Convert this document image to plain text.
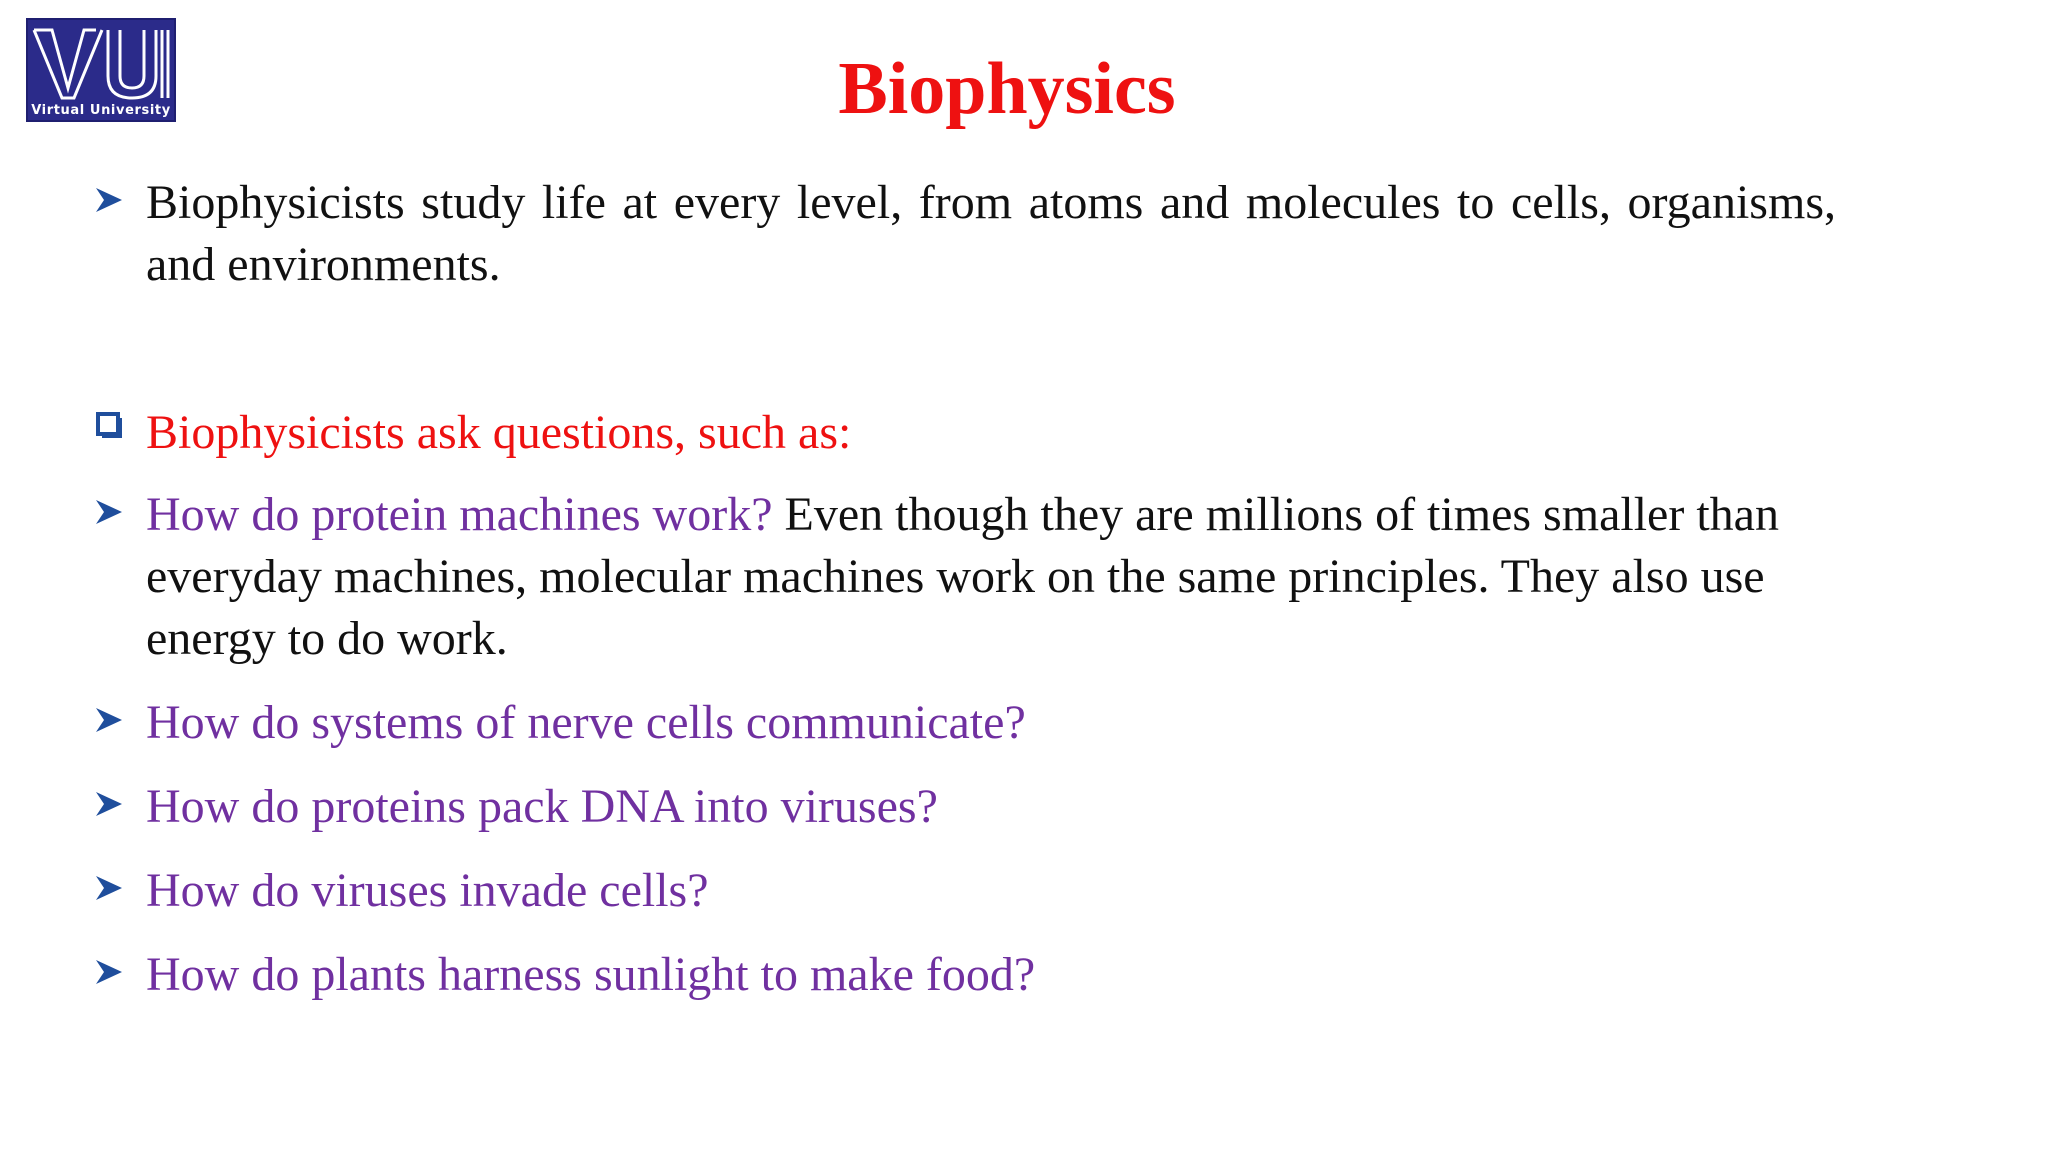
Virtual University	Biophysics
Biophysicists study life at every level, from atoms and molecules to cells, organisms, and environments.
Biophysicists ask questions, such as:
How do protein machines work? Even though they are millions of times smaller than everyday machines, molecular machines work on the same principles. They also use energy to do work.
How do systems of nerve cells communicate?
How do proteins pack DNA into viruses?
How do viruses invade cells?
How do plants harness sunlight to make food?
